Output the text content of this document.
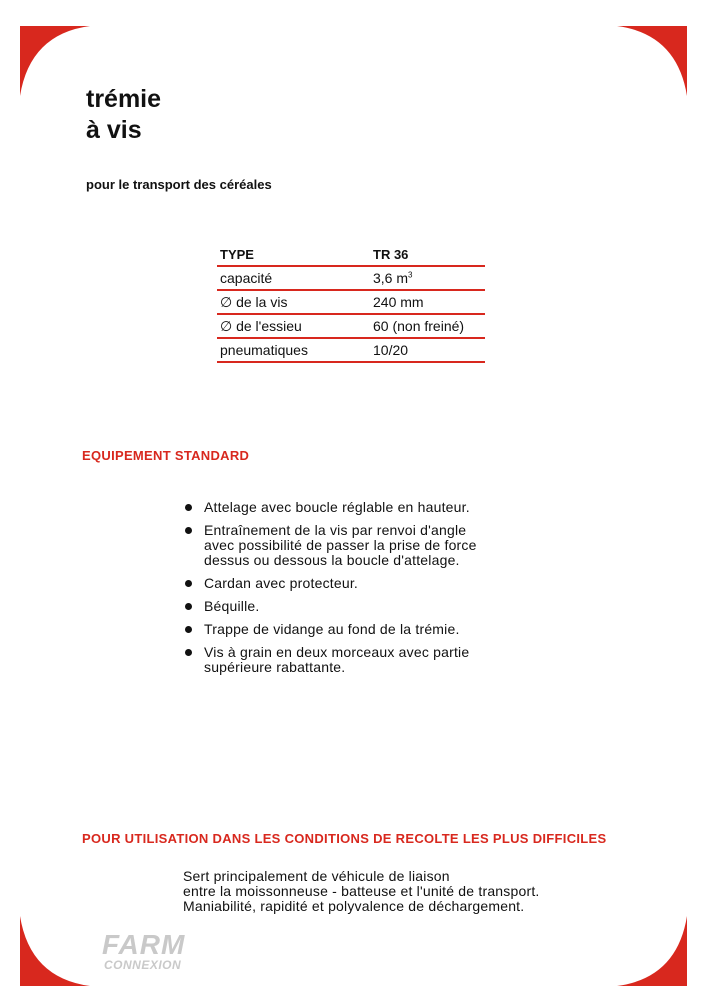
trémie
à vis
pour le transport des céréales
TYPE	TR 36
capacité	3,6 $m^3$
∅ de la vis	240 mm
∅ de l'essieu	60 (non freiné)
pneumatiques	10/20
EQUIPEMENT STANDARD
Attelage avec boucle réglable en hauteur.
Entraînement de la vis par renvoi d'angle
avec possibilité de passer la prise de force
dessus ou dessous la boucle d'attelage.
Cardan avec protecteur.
Béquille.
Trappe de vidange au fond de la trémie.
Vis à grain en deux morceaux avec partie
supérieure rabattante.
POUR UTILISATION DANS LES CONDITIONS DE RECOLTE LES PLUS DIFFICILES
Sert principalement de véhicule de liaison
entre la moissonneuse - batteuse et l'unité de transport.
Maniabilité, rapidité et polyvalence de déchargement.
FARM
CONNEXION
